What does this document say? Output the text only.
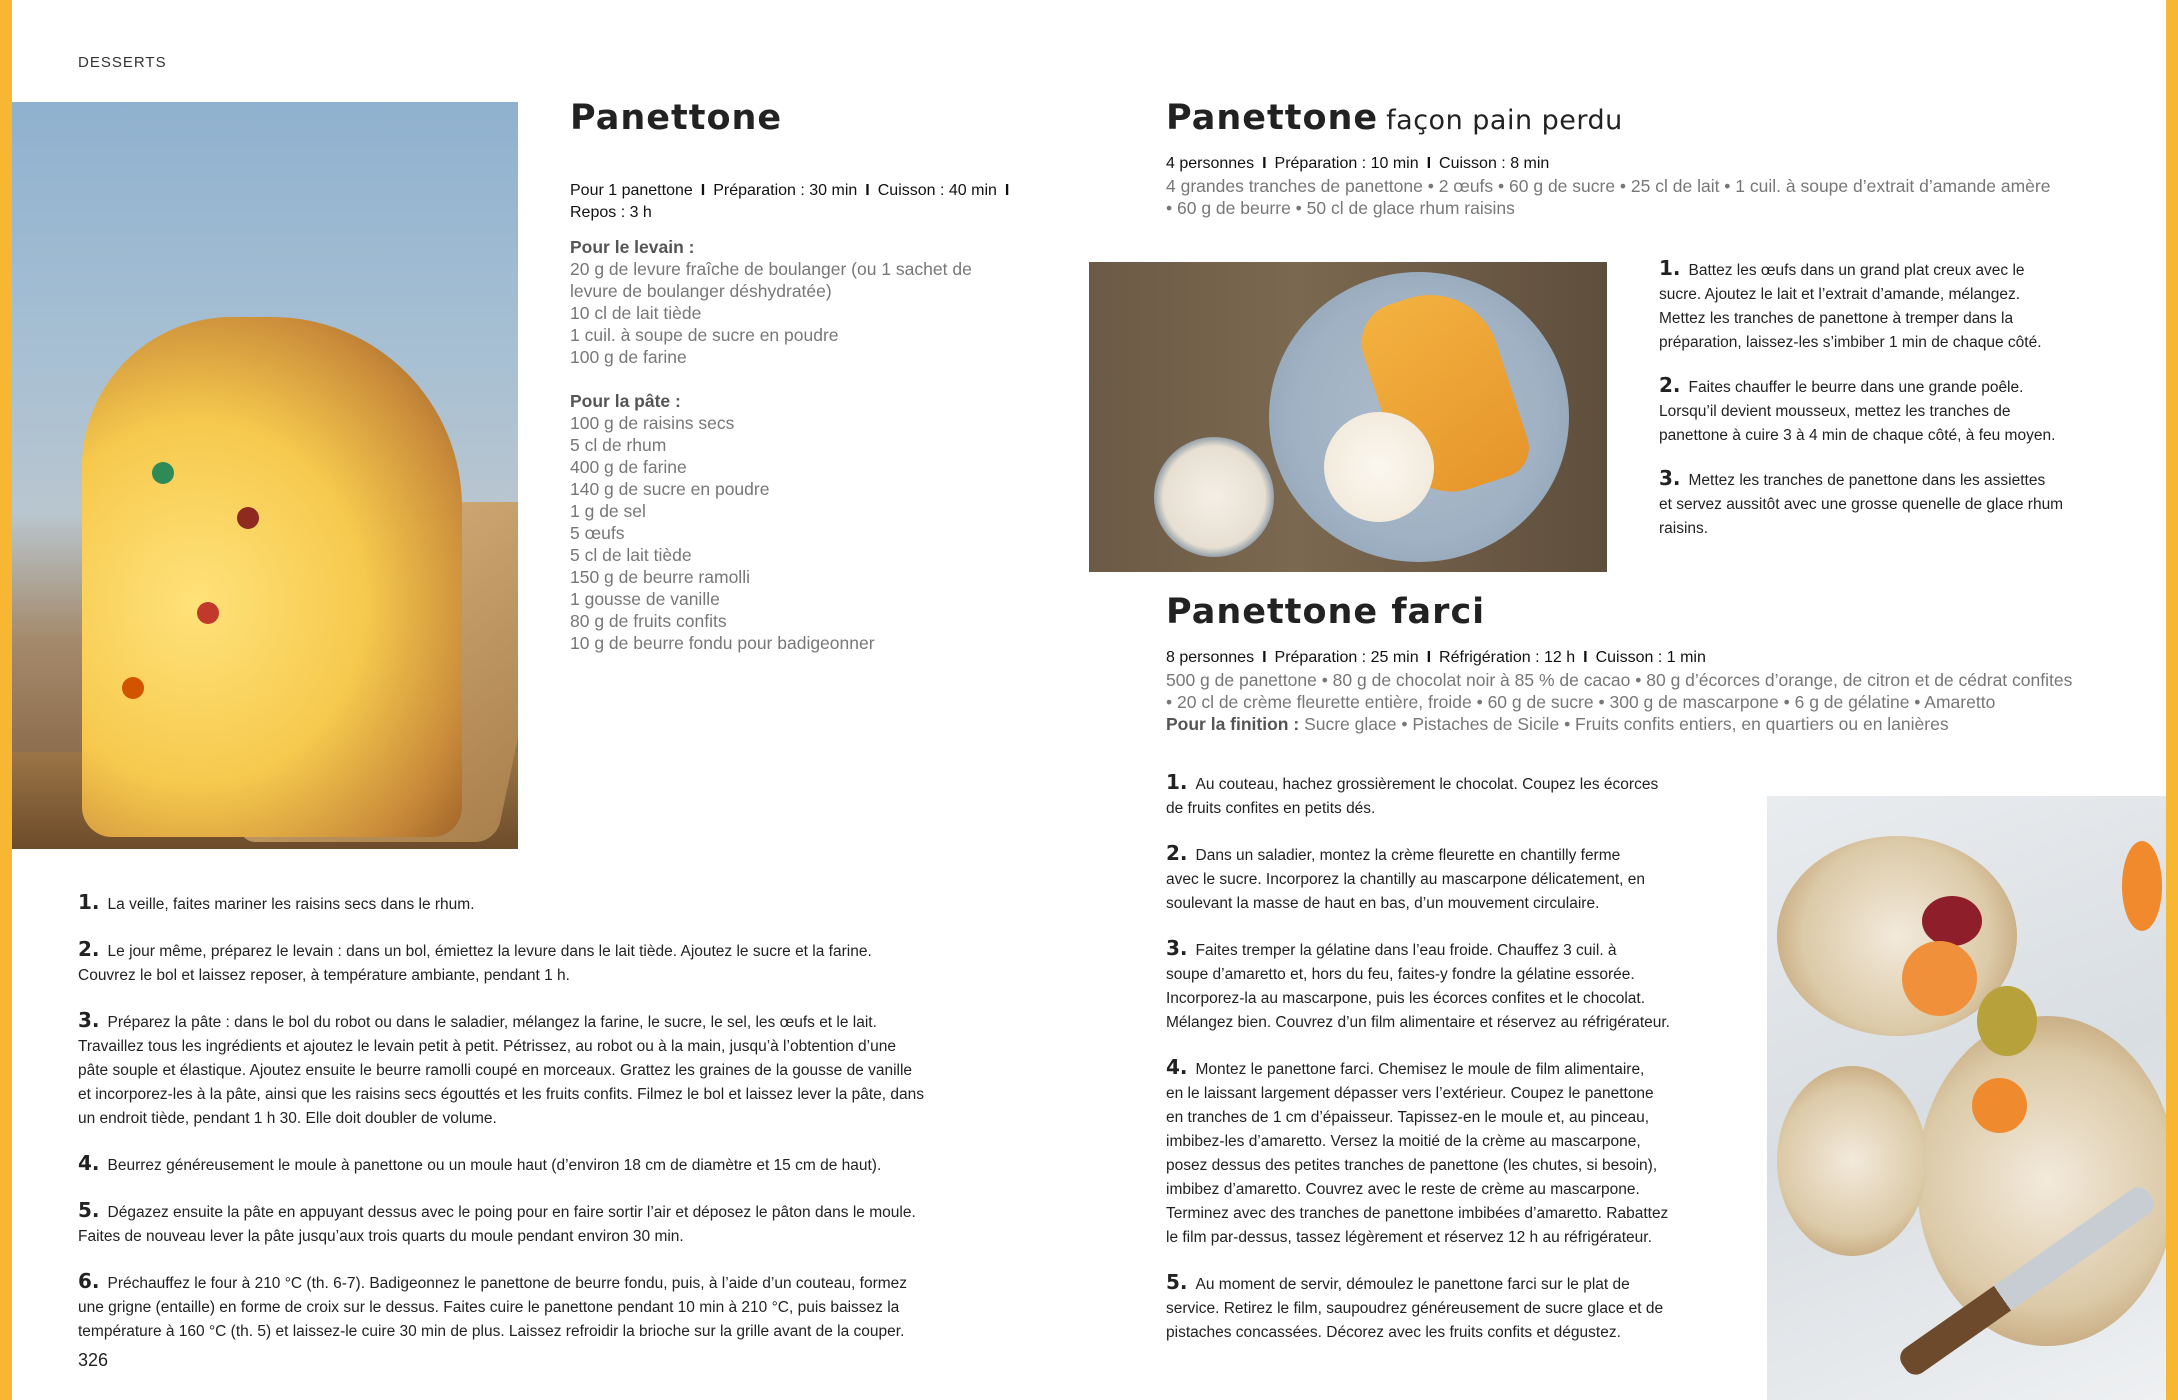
DESSERTS
Panettone
Pour 1 panettone I Préparation : 30 min I Cuisson : 40 min I
Repos : 3 h
Pour le levain :
20 g de levure fraîche de boulanger (ou 1 sachet de
levure de boulanger déshydratée)
10 cl de lait tiède
1 cuil. à soupe de sucre en poudre
100 g de farine
Pour la pâte :
100 g de raisins secs
5 cl de rhum
400 g de farine
140 g de sucre en poudre
1 g de sel
5 œufs
5 cl de lait tiède
150 g de beurre ramolli
1 gousse de vanille
80 g de fruits confits
10 g de beurre fondu pour badigeonner
1. La veille, faites mariner les raisins secs dans le rhum.
2. Le jour même, préparez le levain : dans un bol, émiettez la levure dans le lait tiède. Ajoutez le sucre et la farine.
Couvrez le bol et laissez reposer, à température ambiante, pendant 1 h.
3. Préparez la pâte : dans le bol du robot ou dans le saladier, mélangez la farine, le sucre, le sel, les œufs et le lait.
Travaillez tous les ingrédients et ajoutez le levain petit à petit. Pétrissez, au robot ou à la main, jusqu’à l’obtention d’une
pâte souple et élastique. Ajoutez ensuite le beurre ramolli coupé en morceaux. Grattez les graines de la gousse de vanille
et incorporez-les à la pâte, ainsi que les raisins secs égouttés et les fruits confits. Filmez le bol et laissez lever la pâte, dans
un endroit tiède, pendant 1 h 30. Elle doit doubler de volume.
4. Beurrez généreusement le moule à panettone ou un moule haut (d’environ 18 cm de diamètre et 15 cm de haut).
5. Dégazez ensuite la pâte en appuyant dessus avec le poing pour en faire sortir l’air et déposez le pâton dans le moule.
Faites de nouveau lever la pâte jusqu’aux trois quarts du moule pendant environ 30 min.
6. Préchauffez le four à 210 °C (th. 6-7). Badigeonnez le panettone de beurre fondu, puis, à l’aide d’un couteau, formez
une grigne (entaille) en forme de croix sur le dessus. Faites cuire le panettone pendant 10 min à 210 °C, puis baissez la
température à 160 °C (th. 5) et laissez-le cuire 30 min de plus. Laissez refroidir la brioche sur la grille avant de la couper.
326
Panettone façon pain perdu
4 personnes I Préparation : 10 min I Cuisson : 8 min
4 grandes tranches de panettone • 2 œufs • 60 g de sucre • 25 cl de lait • 1 cuil. à soupe d’extrait d’amande amère
• 60 g de beurre • 50 cl de glace rhum raisins
1. Battez les œufs dans un grand plat creux avec le
sucre. Ajoutez le lait et l’extrait d’amande, mélangez.
Mettez les tranches de panettone à tremper dans la
préparation, laissez-les s’imbiber 1 min de chaque côté.
2. Faites chauffer le beurre dans une grande poêle.
Lorsqu’il devient mousseux, mettez les tranches de
panettone à cuire 3 à 4 min de chaque côté, à feu moyen.
3. Mettez les tranches de panettone dans les assiettes
et servez aussitôt avec une grosse quenelle de glace rhum
raisins.
Panettone farci
8 personnes I Préparation : 25 min I Réfrigération : 12 h I Cuisson : 1 min
500 g de panettone • 80 g de chocolat noir à 85 % de cacao • 80 g d’écorces d’orange, de citron et de cédrat confites
• 20 cl de crème fleurette entière, froide • 60 g de sucre • 300 g de mascarpone • 6 g de gélatine • Amaretto
Pour la finition : Sucre glace • Pistaches de Sicile • Fruits confits entiers, en quartiers ou en lanières
1. Au couteau, hachez grossièrement le chocolat. Coupez les écorces
de fruits confites en petits dés.
2. Dans un saladier, montez la crème fleurette en chantilly ferme
avec le sucre. Incorporez la chantilly au mascarpone délicatement, en
soulevant la masse de haut en bas, d’un mouvement circulaire.
3. Faites tremper la gélatine dans l’eau froide. Chauffez 3 cuil. à
soupe d’amaretto et, hors du feu, faites-y fondre la gélatine essorée.
Incorporez-la au mascarpone, puis les écorces confites et le chocolat.
Mélangez bien. Couvrez d’un film alimentaire et réservez au réfrigérateur.
4. Montez le panettone farci. Chemisez le moule de film alimentaire,
en le laissant largement dépasser vers l’extérieur. Coupez le panettone
en tranches de 1 cm d’épaisseur. Tapissez-en le moule et, au pinceau,
imbibez-les d’amaretto. Versez la moitié de la crème au mascarpone,
posez dessus des petites tranches de panettone (les chutes, si besoin),
imbibez d’amaretto. Couvrez avec le reste de crème au mascarpone.
Terminez avec des tranches de panettone imbibées d’amaretto. Rabattez
le film par-dessus, tassez légèrement et réservez 12 h au réfrigérateur.
5. Au moment de servir, démoulez le panettone farci sur le plat de
service. Retirez le film, saupoudrez généreusement de sucre glace et de
pistaches concassées. Décorez avec les fruits confits et dégustez.
